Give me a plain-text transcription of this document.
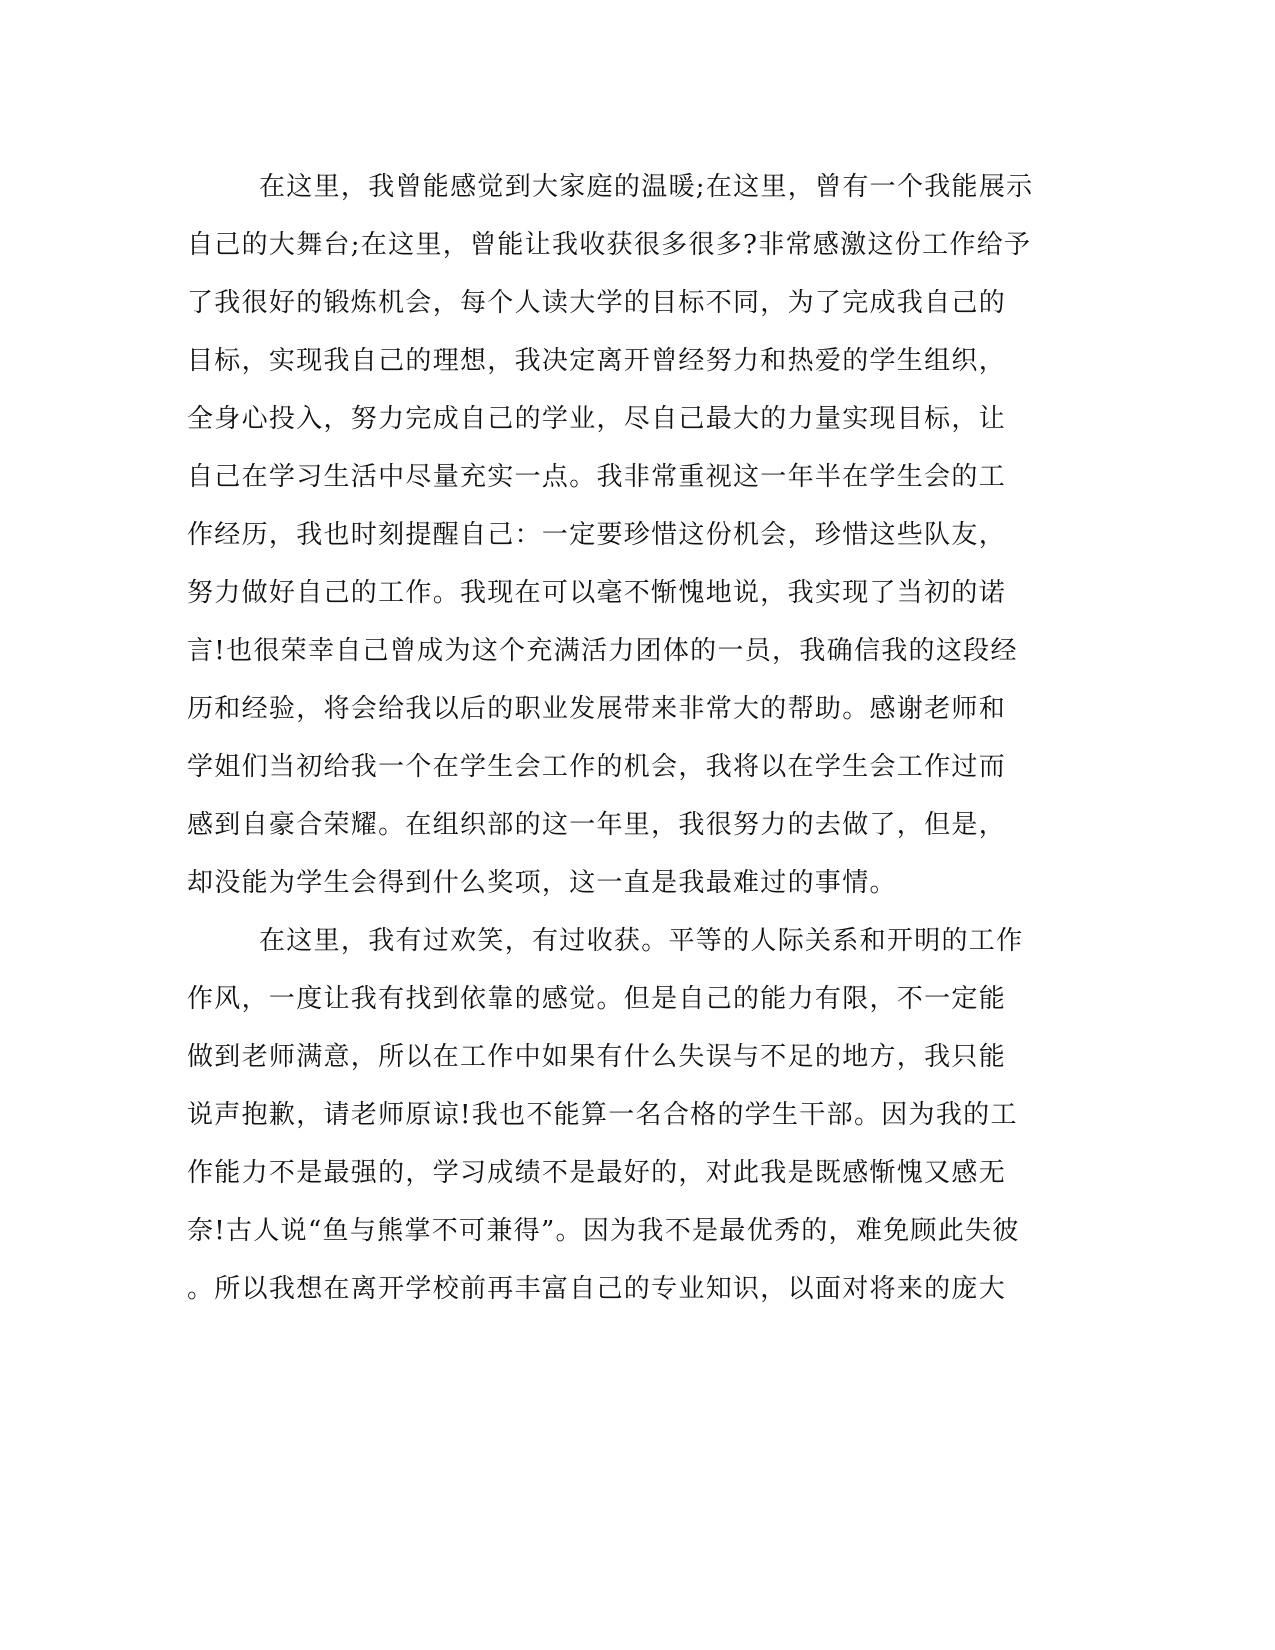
在这里，我曾能感觉到大家庭的温暖;在这里，曾有一个我能展示
自己的大舞台;在这里，曾能让我收获很多很多?非常感激这份工作给予
了我很好的锻炼机会，每个人读大学的目标不同，为了完成我自己的
目标，实现我自己的理想，我决定离开曾经努力和热爱的学生组织，
全身心投入，努力完成自己的学业，尽自己最大的力量实现目标，让
自己在学习生活中尽量充实一点。我非常重视这一年半在学生会的工
作经历，我也时刻提醒自己：一定要珍惜这份机会，珍惜这些队友，
努力做好自己的工作。我现在可以毫不惭愧地说，我实现了当初的诺
言!也很荣幸自己曾成为这个充满活力团体的一员，我确信我的这段经
历和经验，将会给我以后的职业发展带来非常大的帮助。感谢老师和
学姐们当初给我一个在学生会工作的机会，我将以在学生会工作过而
感到自豪合荣耀。在组织部的这一年里，我很努力的去做了，但是，
却没能为学生会得到什么奖项，这一直是我最难过的事情。
在这里，我有过欢笑，有过收获。平等的人际关系和开明的工作
作风，一度让我有找到依靠的感觉。但是自己的能力有限，不一定能
做到老师满意，所以在工作中如果有什么失误与不足的地方，我只能
说声抱歉，请老师原谅!我也不能算一名合格的学生干部。因为我的工
作能力不是最强的，学习成绩不是最好的，对此我是既感惭愧又感无
奈!古人说“鱼与熊掌不可兼得”。因为我不是最优秀的，难免顾此失彼
。所以我想在离开学校前再丰富自己的专业知识，以面对将来的庞大
